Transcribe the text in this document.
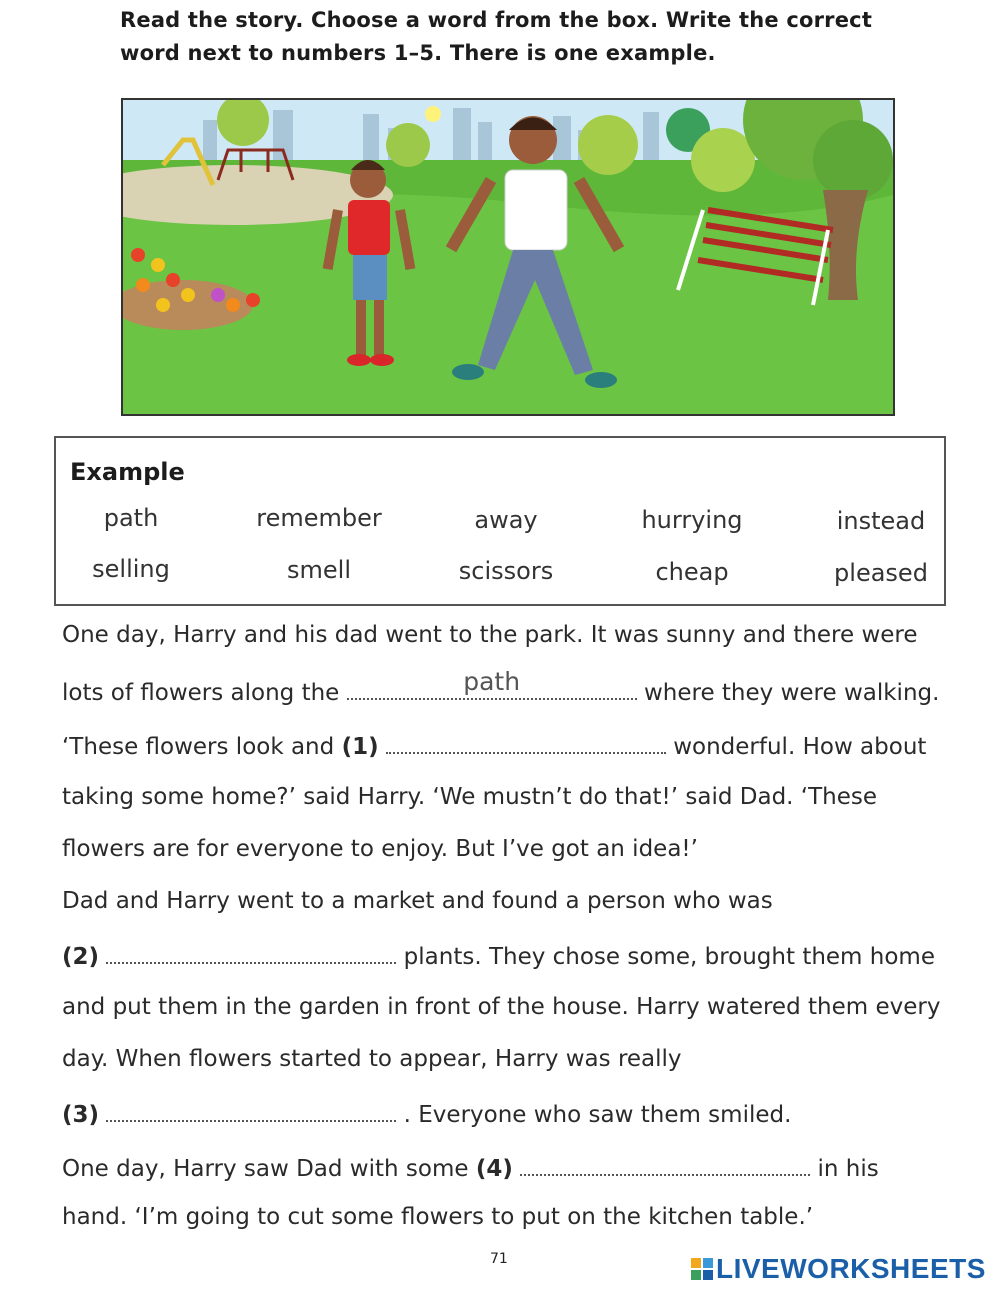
Read the story. Choose a word from the box. Write the correct
word next to numbers 1–5. There is one example.
Example
path	remember	away	hurrying	instead
selling	smell	scissors	cheap	pleased
One day, Harry and his dad went to the park. It was sunny and there were
lots of flowers along the	path	where they were walking.
‘These flowers look and (1)	wonderful. How about
taking some home?’ said Harry. ‘We mustn’t do that!’ said Dad. ‘These
flowers are for everyone to enjoy. But I’ve got an idea!’
Dad and Harry went to a market and found a person who was
(2)	plants. They chose some, brought them home
and put them in the garden in front of the house. Harry watered them every
day. When flowers started to appear, Harry was really
(3)	. Everyone who saw them smiled.
One day, Harry saw Dad with some (4)	in his
hand. ‘I’m going to cut some flowers to put on the kitchen table.’
71	LIVEWORKSHEETS
